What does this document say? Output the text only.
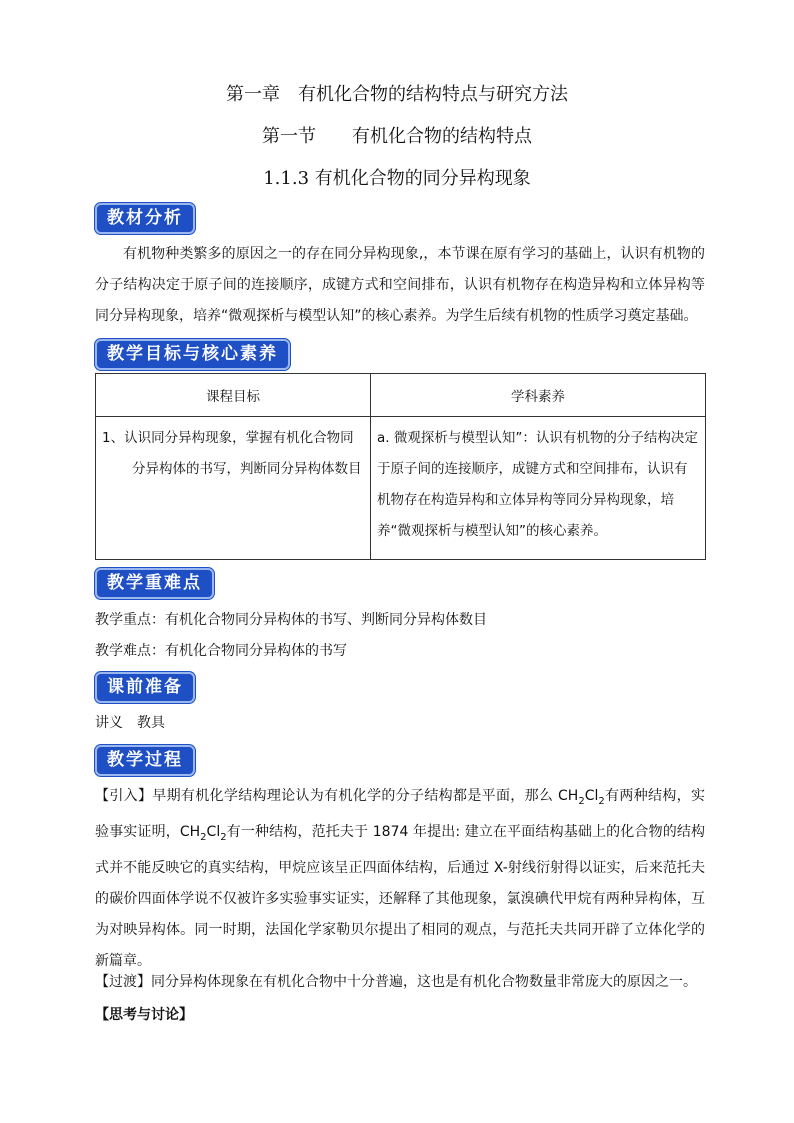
第一章　有机化合物的结构特点与研究方法
第一节　　有机化合物的结构特点
1.1.3 有机化合物的同分异构现象
教材分析
有机物种类繁多的原因之一的存在同分异构现象,，本节课在原有学习的基础上，认识有机物的分子结构决定于原子间的连接顺序，成键方式和空间排布，认识有机物存在构造异构和立体异构等同分异构现象，培养“微观探析与模型认知”的核心素养。为学生后续有机物的性质学习奠定基础。
教学目标与核心素养
课程目标	学科素养

1、认识同分异构现象，掌握有机化合物同
分异构体的书写，判断同分异构体数目	a. 微观探析与模型认知”：认识有机物的分子结构决定于原子间的连接顺序，成键方式和空间排布，认识有机物存在构造异构和立体异构等同分异构现象，培养“微观探析与模型认知”的核心素养。
教学重难点
教学重点：有机化合物同分异构体的书写、判断同分异构体数目
教学难点：有机化合物同分异构体的书写
课前准备
讲义　教具
教学过程
【引入】早期有机化学结构理论认为有机化学的分子结构都是平面，那么 $CH_2Cl_2$有两种结构，实验事实证明，$CH_2Cl_2$有一种结构，范托夫于 1874 年提出: 建立在平面结构基础上的化合物的结构式并不能反映它的真实结构，甲烷应该呈正四面体结构，后通过 X-射线衍射得以证实，后来范托夫的碳价四面体学说不仅被许多实验事实证实，还解释了其他现象，氯溴碘代甲烷有两种异构体，互为对映异构体。同一时期，法国化学家勒贝尔提出了相同的观点，与范托夫共同开辟了立体化学的新篇章。
【过渡】同分异构体现象在有机化合物中十分普遍，这也是有机化合物数量非常庞大的原因之一。
【思考与讨论】
